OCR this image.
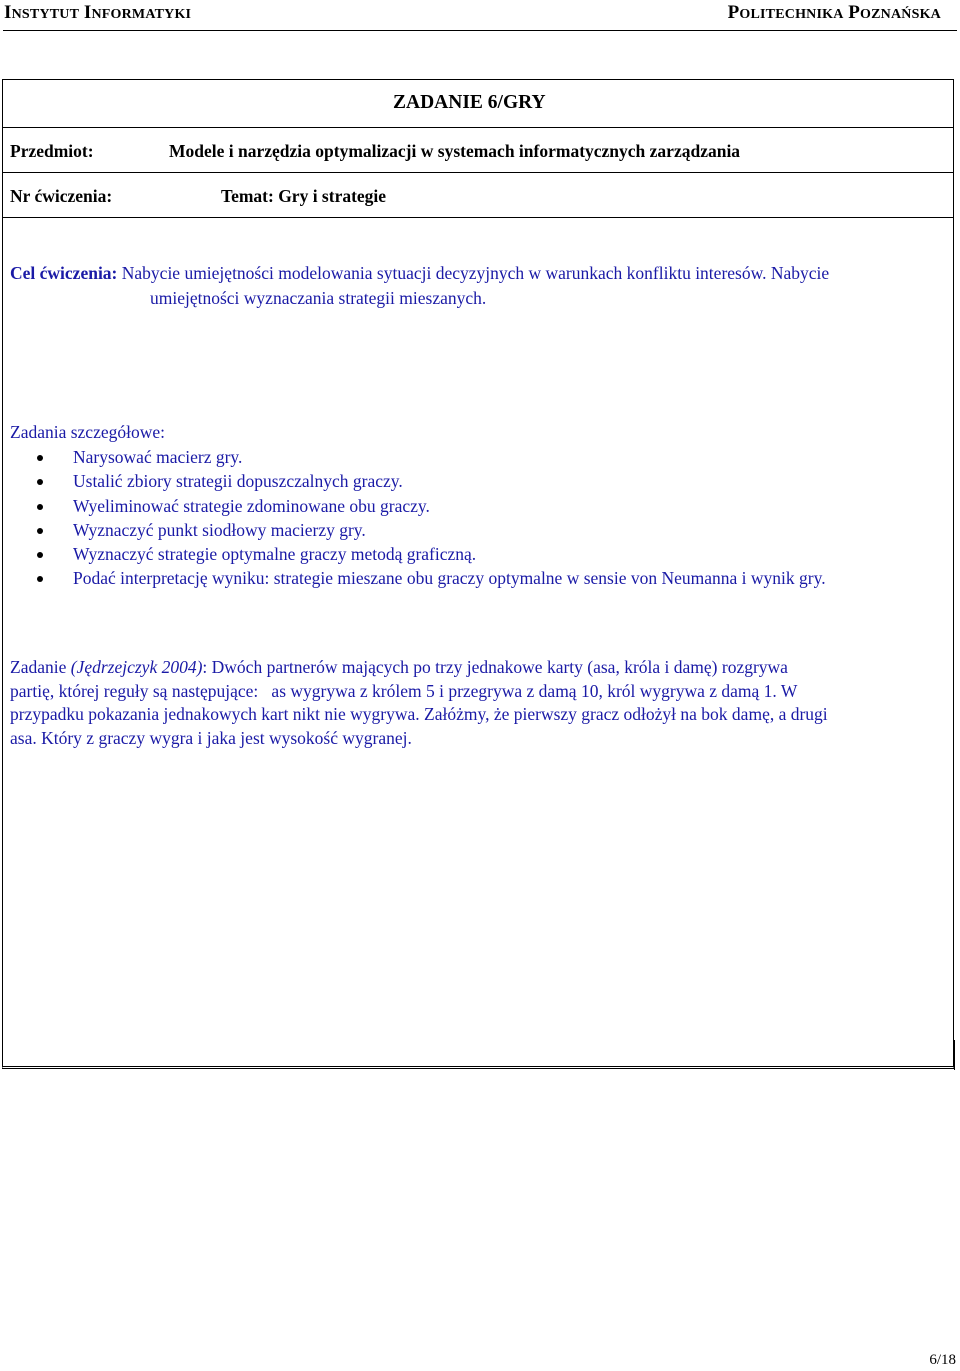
INSTYTUT INFORMATYKI	POLITECHNIKA POZNAŃSKA
ZADANIE 6/GRY
Przedmiot:	Modele i narzędzia optymalizacji w systemach informatycznych zarządzania
Nr ćwiczenia:	Temat: Gry i strategie
Cel ćwiczenia: Nabycie umiejętności modelowania sytuacji decyzyjnych w warunkach konfliktu interesów. Nabycie
umiejętności wyznaczania strategii mieszanych.
Zadania szczegółowe:
Narysować macierz gry.
Ustalić zbiory strategii dopuszczalnych graczy.
Wyeliminować strategie zdominowane obu graczy.
Wyznaczyć punkt siodłowy macierzy gry.
Wyznaczyć strategie optymalne graczy metodą graficzną.
Podać interpretację wyniku: strategie mieszane obu graczy optymalne w sensie von Neumanna i wynik gry.
Zadanie (Jędrzejczyk 2004): Dwóch partnerów mających po trzy jednakowe karty (asa, króla i damę) rozgrywa
partię, której reguły są następujące:   as wygrywa z królem 5 i przegrywa z damą 10, król wygrywa z damą 1. W
przypadku pokazania jednakowych kart nikt nie wygrywa. Załóżmy, że pierwszy gracz odłożył na bok damę, a drugi
asa. Który z graczy wygra i jaka jest wysokość wygranej.
6/18
